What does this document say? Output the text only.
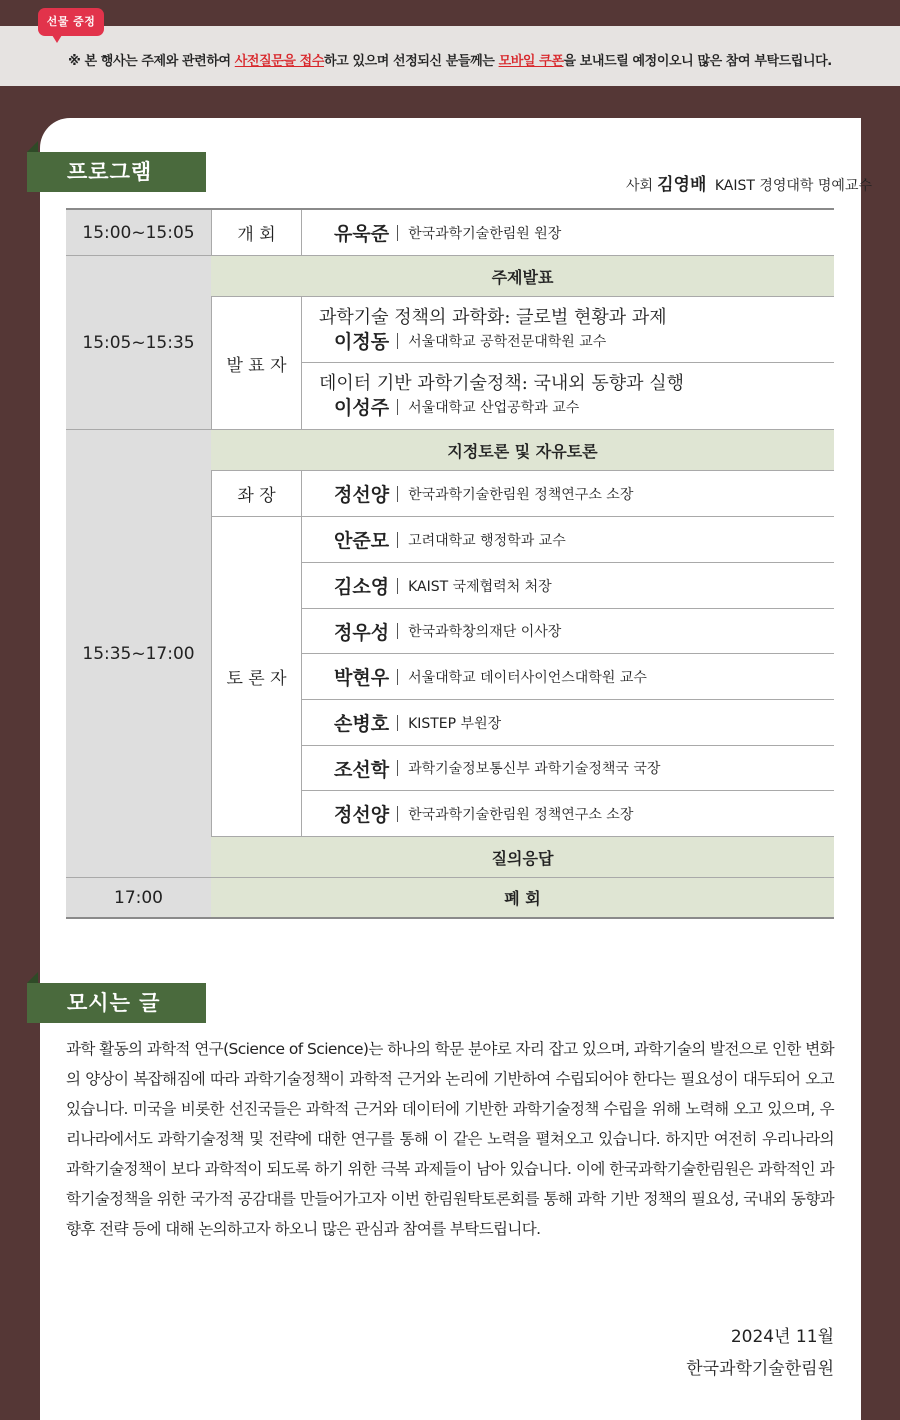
선물 증정
※ 본 행사는 주제와 관련하여 사전질문을 접수하고 있으며 선정되신 분들께는 모바일 쿠폰을 보내드릴 예정이오니 많은 참여 부탁드립니다.
프로그램
사회 김영배 KAIST 경영대학 명예교수
15:00~15:05
15:05~15:35
15:35~17:00
17:00
개 회	유욱준 한국과학기술한림원 원장
주제발표
발 표 자
과학기술 정책의 과학화: 글로벌 현황과 과제
이정동 서울대학교 공학전문대학원 교수
데이터 기반 과학기술정책: 국내외 동향과 실행
이성주 서울대학교 산업공학과 교수
지정토론 및 자유토론
좌 장	정선양 한국과학기술한림원 정책연구소 소장
토 론 자
안준모 고려대학교 행정학과 교수
김소영 KAIST 국제협력처 처장
정우성 한국과학창의재단 이사장
박현우 서울대학교 데이터사이언스대학원 교수
손병호 KISTEP 부원장
조선학 과학기술정보통신부 과학기술정책국 국장
정선양 한국과학기술한림원 정책연구소 소장
질의응답
폐 회
모시는 글
과학 활동의 과학적 연구(Science of Science)는 하나의 학문 분야로 자리 잡고 있으며, 과학기술의 발전으로 인한 변화의 양상이 복잡해짐에 따라 과학기술정책이 과학적 근거와 논리에 기반하여 수립되어야 한다는 필요성이 대두되어 오고 있습니다. 미국을 비롯한 선진국들은 과학적 근거와 데이터에 기반한 과학기술정책 수립을 위해 노력해 오고 있으며, 우리나라에서도 과학기술정책 및 전략에 대한 연구를 통해 이 같은 노력을 펼쳐오고 있습니다. 하지만 여전히 우리나라의 과학기술정책이 보다 과학적이 되도록 하기 위한 극복 과제들이 남아 있습니다. 이에 한국과학기술한림원은 과학적인 과학기술정책을 위한 국가적 공감대를 만들어가고자 이번 한림원탁토론회를 통해 과학 기반 정책의 필요성, 국내외 동향과 향후 전략 등에 대해 논의하고자 하오니 많은 관심과 참여를 부탁드립니다.
2024년 11월
한국과학기술한림원
